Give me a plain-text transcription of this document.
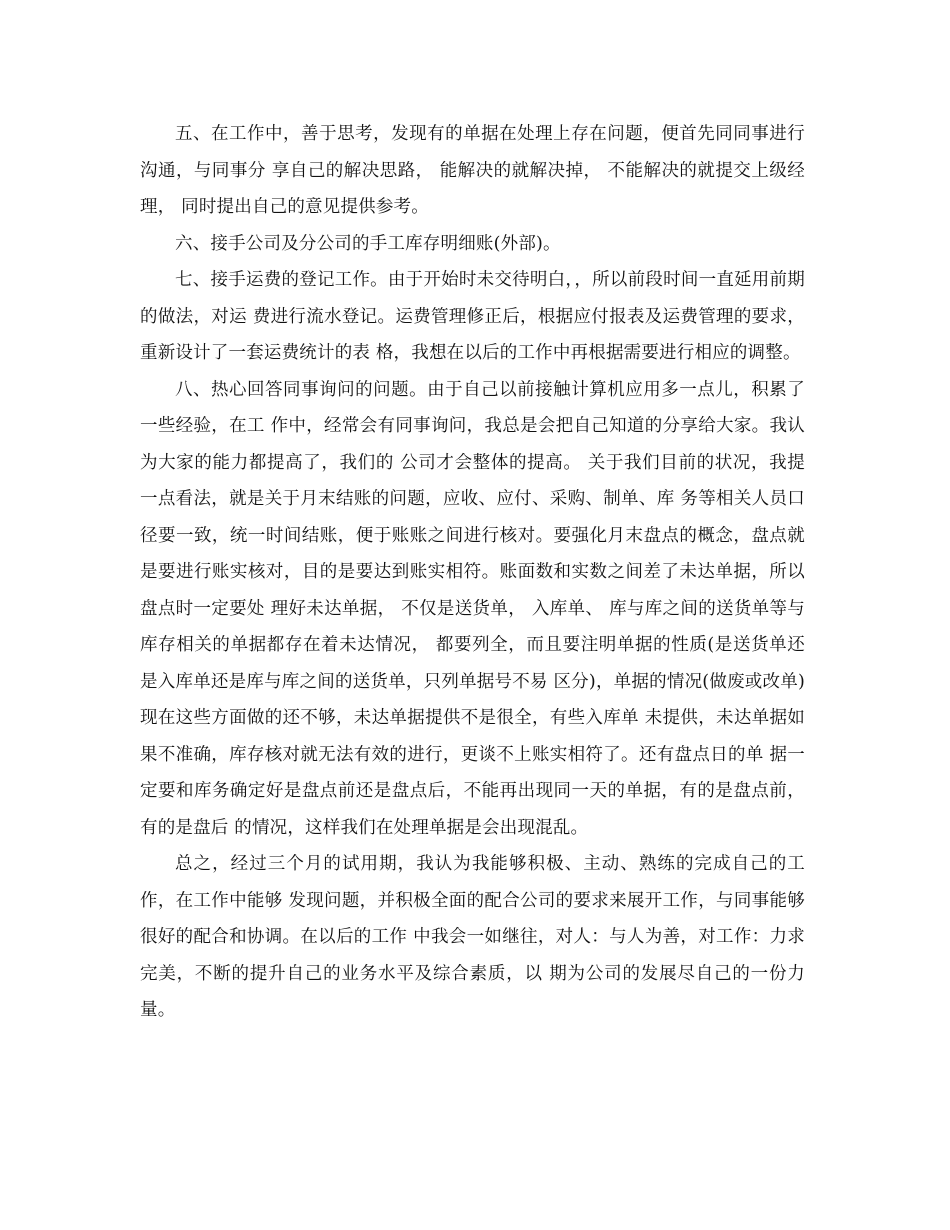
五、在工作中，善于思考，发现有的单据在处理上存在问题，便首先同同事进行沟通，与同事分 享自己的解决思路， 能解决的就解决掉， 不能解决的就提交上级经理， 同时提出自己的意见提供参考。

六、接手公司及分公司的手工库存明细账(外部)。

七、接手运费的登记工作。由于开始时未交待明白，，所以前段时间一直延用前期的做法，对运 费进行流水登记。运费管理修正后，根据应付报表及运费管理的要求，重新设计了一套运费统计的表 格，我想在以后的工作中再根据需要进行相应的调整。

八、热心回答同事询问的问题。由于自己以前接触计算机应用多一点儿，积累了一些经验，在工 作中，经常会有同事询问，我总是会把自己知道的分享给大家。我认为大家的能力都提高了，我们的 公司才会整体的提高。 关于我们目前的状况，我提一点看法，就是关于月末结账的问题，应收、应付、采购、制单、库 务等相关人员口径要一致，统一时间结账，便于账账之间进行核对。要强化月末盘点的概念，盘点就 是要进行账实核对，目的是要达到账实相符。账面数和实数之间差了未达单据，所以盘点时一定要处 理好未达单据， 不仅是送货单， 入库单、 库与库之间的送货单等与库存相关的单据都存在着未达情况， 都要列全，而且要注明单据的性质(是送货单还是入库单还是库与库之间的送货单，只列单据号不易 区分)，单据的情况(做废或改单)现在这些方面做的还不够，未达单据提供不是很全，有些入库单 未提供，未达单据如果不准确，库存核对就无法有效的进行，更谈不上账实相符了。还有盘点日的单 据一定要和库务确定好是盘点前还是盘点后，不能再出现同一天的单据，有的是盘点前，有的是盘后 的情况，这样我们在处理单据是会出现混乱。

总之，经过三个月的试用期，我认为我能够积极、主动、熟练的完成自己的工作，在工作中能够 发现问题，并积极全面的配合公司的要求来展开工作，与同事能够很好的配合和协调。在以后的工作 中我会一如继往，对人：与人为善，对工作：力求完美，不断的提升自己的业务水平及综合素质，以 期为公司的发展尽自己的一份力量。
